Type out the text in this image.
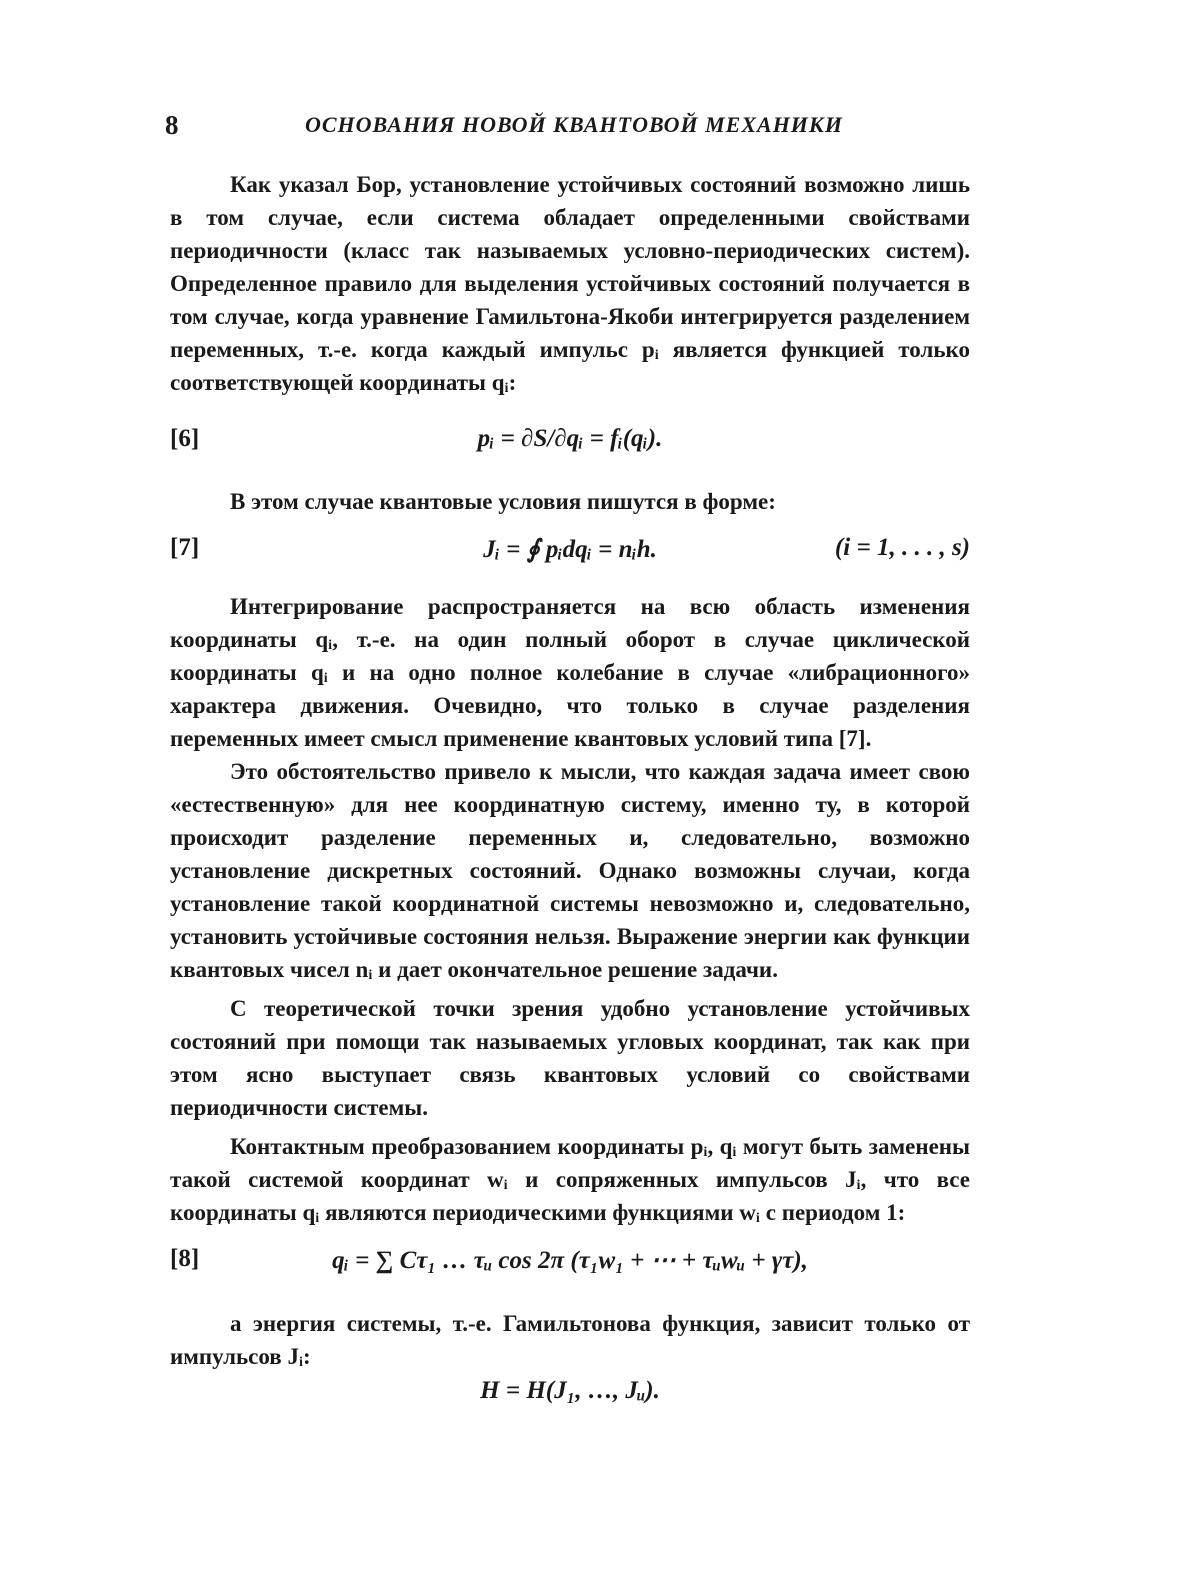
8	ОСНОВАНИЯ НОВОЙ КВАНТОВОЙ МЕХАНИКИ

Как указал Бор, установление устойчивых состояний возможно лишь в том случае, если система обладает определенными свойствами периодичности (класс так называемых условно-периодических систем). Определенное правило для выделения устойчивых состояний получается в том случае, когда уравнение Гамильтона-Якоби интегрируется разделением переменных, т.-е. когда каждый импульс pᵢ является функцией только соответствующей координаты qᵢ:

[6]	pᵢ = ∂S/∂qᵢ = fᵢ(qᵢ).

В этом случае квантовые условия пишутся в форме:

[7]	Jᵢ = ∮ pᵢdqᵢ = nᵢh.	(i = 1, . . . , s)

Интегрирование распространяется на всю область изменения координаты qᵢ, т.-е. на один полный оборот в случае циклической координаты qᵢ и на одно полное колебание в случае «либрационного» характера движения. Очевидно, что только в случае разделения переменных имеет смысл применение квантовых условий типа [7].

Это обстоятельство привело к мысли, что каждая задача имеет свою «естественную» для нее координатную систему, именно ту, в которой происходит разделение переменных и, следовательно, возможно установление дискретных состояний. Однако возможны случаи, когда установление такой координатной системы невозможно и, следовательно, установить устойчивые состояния нельзя. Выражение энергии как функции квантовых чисел nᵢ и дает окончательное решение задачи.

С теоретической точки зрения удобно установление устойчивых состояний при помощи так называемых угловых координат, так как при этом ясно выступает связь квантовых условий со свойствами периодичности системы.

Контактным преобразованием координаты pᵢ, qᵢ могут быть заменены такой системой координат wᵢ и сопряженных импульсов Jᵢ, что все координаты qᵢ являются периодическими функциями wᵢ с периодом 1:

[8]	qᵢ = ∑ Cτ₁ … τᵤ cos 2π (τ₁w₁ + ⋯ + τᵤwᵤ + γτ),

а энергия системы, т.-е. Гамильтонова функция, зависит только от импульсов Jᵢ:

H = H(J₁, …, Jᵤ).
